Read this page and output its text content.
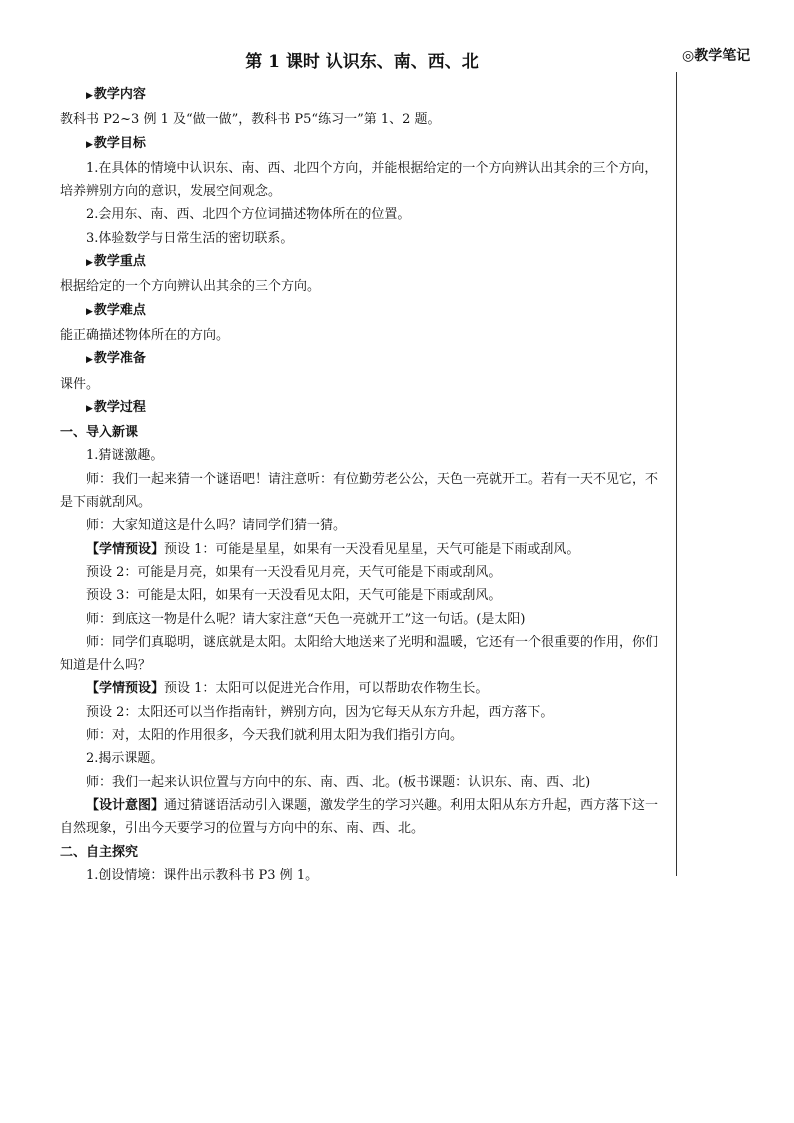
第 1 课时 认识东、南、西、北	◎教学笔记

▶教学内容

教科书 P2~3 例 1 及“做一做”，教科书 P5“练习一”第 1、2 题。

▶教学目标

1.在具体的情境中认识东、南、西、北四个方向，并能根据给定的一个方向辨认出其余的三个方向，培养辨别方向的意识，发展空间观念。

2.会用东、南、西、北四个方位词描述物体所在的位置。

3.体验数学与日常生活的密切联系。

▶教学重点

根据给定的一个方向辨认出其余的三个方向。

▶教学难点

能正确描述物体所在的方向。

▶教学准备

课件。

▶教学过程

一、导入新课

1.猜谜激趣。

师：我们一起来猜一个谜语吧！请注意听：有位勤劳老公公，天色一亮就开工。若有一天不见它，不是下雨就刮风。

师：大家知道这是什么吗？请同学们猜一猜。

【学情预设】预设 1：可能是星星，如果有一天没看见星星，天气可能是下雨或刮风。

预设 2：可能是月亮，如果有一天没看见月亮，天气可能是下雨或刮风。

预设 3：可能是太阳，如果有一天没看见太阳，天气可能是下雨或刮风。

师：到底这一物是什么呢？请大家注意“天色一亮就开工”这一句话。(是太阳)

师：同学们真聪明，谜底就是太阳。太阳给大地送来了光明和温暖，它还有一个很重要的作用，你们知道是什么吗？

【学情预设】预设 1：太阳可以促进光合作用，可以帮助农作物生长。

预设 2：太阳还可以当作指南针，辨别方向，因为它每天从东方升起，西方落下。

师：对，太阳的作用很多，今天我们就利用太阳为我们指引方向。

2.揭示课题。

师：我们一起来认识位置与方向中的东、南、西、北。(板书课题：认识东、南、西、北)

【设计意图】通过猜谜语活动引入课题，激发学生的学习兴趣。利用太阳从东方升起，西方落下这一自然现象，引出今天要学习的位置与方向中的东、南、西、北。

二、自主探究

1.创设情境：课件出示教科书 P3 例 1。
